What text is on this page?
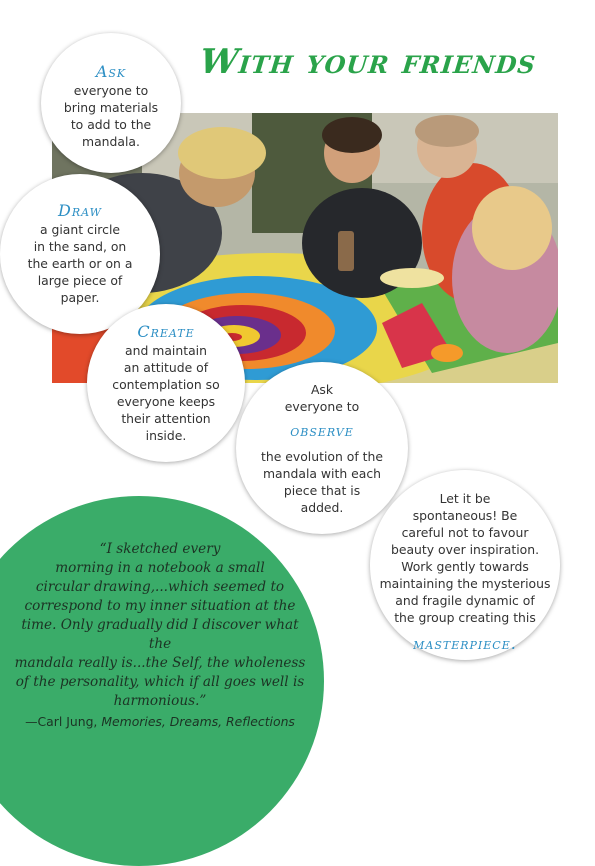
With your friends
Ask
everyone to
bring materials
to add to the
mandala.
Draw
a giant circle
in the sand, on
the earth or on a
large piece of
paper.
Create
and maintain
an attitude of
contemplation so
everyone keeps
their attention
inside.
Ask
everyone to
observe
the evolution of the
mandala with each
piece that is
added.
Let it be
spontaneous! Be
careful not to favour
beauty over inspiration.
Work gently towards
maintaining the mysterious
and fragile dynamic of
the group creating this
masterpiece.
“I sketched every
morning in a notebook a small
circular drawing,...which seemed to
correspond to my inner situation at the
time. Only gradually did I discover what the
mandala really is...the Self, the wholeness
of the personality, which if all goes well is
harmonious.”
—Carl Jung, Memories, Dreams, Reflections
